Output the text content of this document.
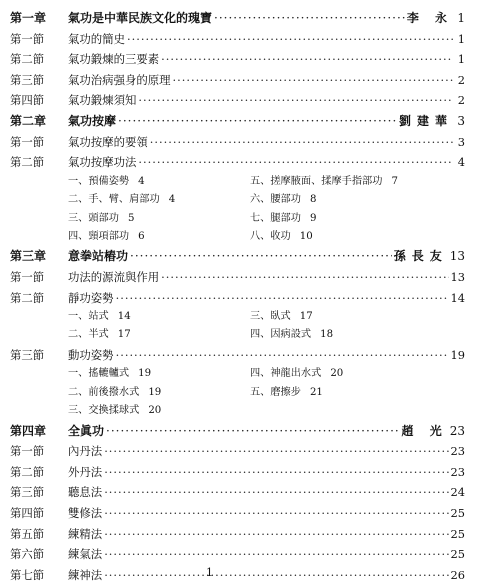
第一章	氣功是中華民族文化的瑰寶 ·····	李 永 1
第一節	氣功的簡史 ·····	1
第二節	氣功鍛煉的三要素 ·····	1
第三節	氣功治病强身的原理 ·····	2
第四節	氣功鍛煉須知 ·····	2
第二章	氣功按摩 ·····	劉建華 3
第一節	氣功按摩的要領 ·····	3
第二節	氣功按摩功法 ·····	4
一、預備姿勢 4	五、搓摩腋面、揉摩手指部功 7
二、手、臂、肩部功 4	六、腰部功 8
三、頭部功 5	七、腿部功 9
四、頸項部功 6	八、收功 10
第三章	意拳站樁功 ·····	孫長友 13
第一節	功法的源流與作用 ·····	13
第二節	靜功姿勢 ·····	14
一、站式 14	三、臥式 17
二、半式 17	四、因病設式 18
第三節	動功姿勢 ·····	19
一、搖轆轤式 19	四、神龍出水式 20
二、前後撥水式 19	五、磨擦步 21
三、交換揉球式 20
第四章	全眞功 ·····	趙 光 23
第一節	內丹法 ·····	23
第二節	外丹法 ·····	23
第三節	聽息法 ·····	24
第四節	雙修法 ·····	25
第五節	練精法 ·····	25
第六節	練氣法 ·····	25
第七節	練神法 ·····	26
1
